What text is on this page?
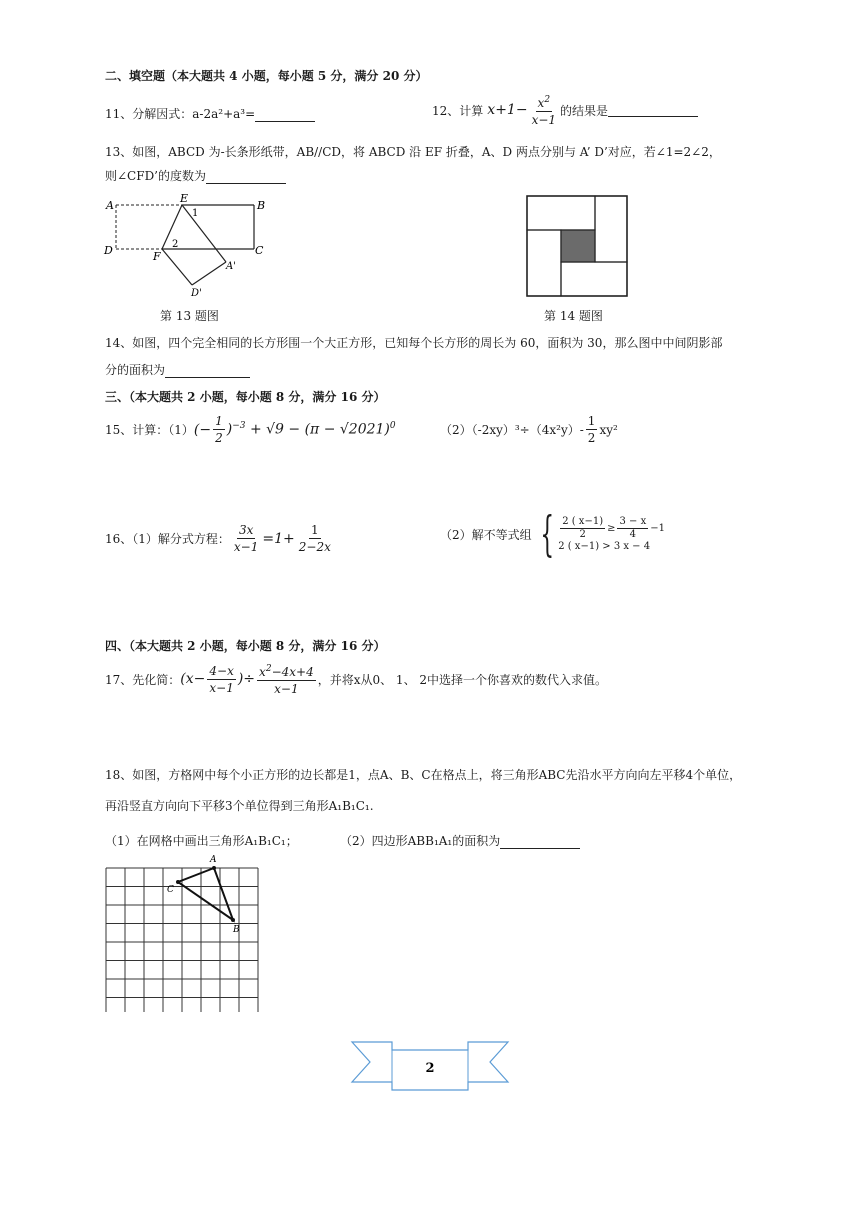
二、填空题（本大题共 4 小题，每小题 5 分，满分 20 分）
11、分解因式：a-2a²+a³=	12、计算 $x +1- \frac{x^2}{x-1}$ 的结果是
13、如图，ABCD 为-长条形纸带，AB//CD，将 ABCD 沿 EF 折叠，A、D 两点分别与 A’ D’对应，若∠1=2∠2，
则∠CFD’的度数为
A
E
1
B
D	2
F	C
A'
D'
第 13 题图	第 14 题图
14、如图，四个完全相同的长方形围一个大正方形，已知每个长方形的周长为 60，面积为 30，那么图中中间阴影部
分的面积为
三、（本大题共 2 小题，每小题 8 分，满分 16 分）
15、计算：（1） (− $\frac{1}{2} )^{-3} + √9 - (\pi - √2021)^0$	$(2)(-2xy)^3\div(4x^2y)- \frac{1}{2} xy^2$
16、（1）解分式方程： $\frac{3x}{x-1} =1+ \frac{1}{2-2x}$	（2）解不等式组 { $\frac{2 ( x-1)}{2} \ge \frac{3 - x}{4} -1$
2 ( x−1) > 3 x − 4
四、（本大题共 2 小题，每小题 8 分，满分 16 分）
17、先化简： ($x- \frac{4-x}{x-1}$ )÷ $\frac{x^2-4x+4}{x-1}$ ，并将x从0、 1、 2中选择一个你喜欢的数代入求值。
18、如图，方格网中每个小正方形的边长都是1，点A、B、C在格点上，将三角形ABC先沿水平方向向左平移4个单位，
再沿竖直方向向下平移3个单位得到三角形A₁B₁C₁.
（1）在网格中画出三角形A₁B₁C₁；	（2）四边形ABB₁A₁的面积为
A
C
B
2
